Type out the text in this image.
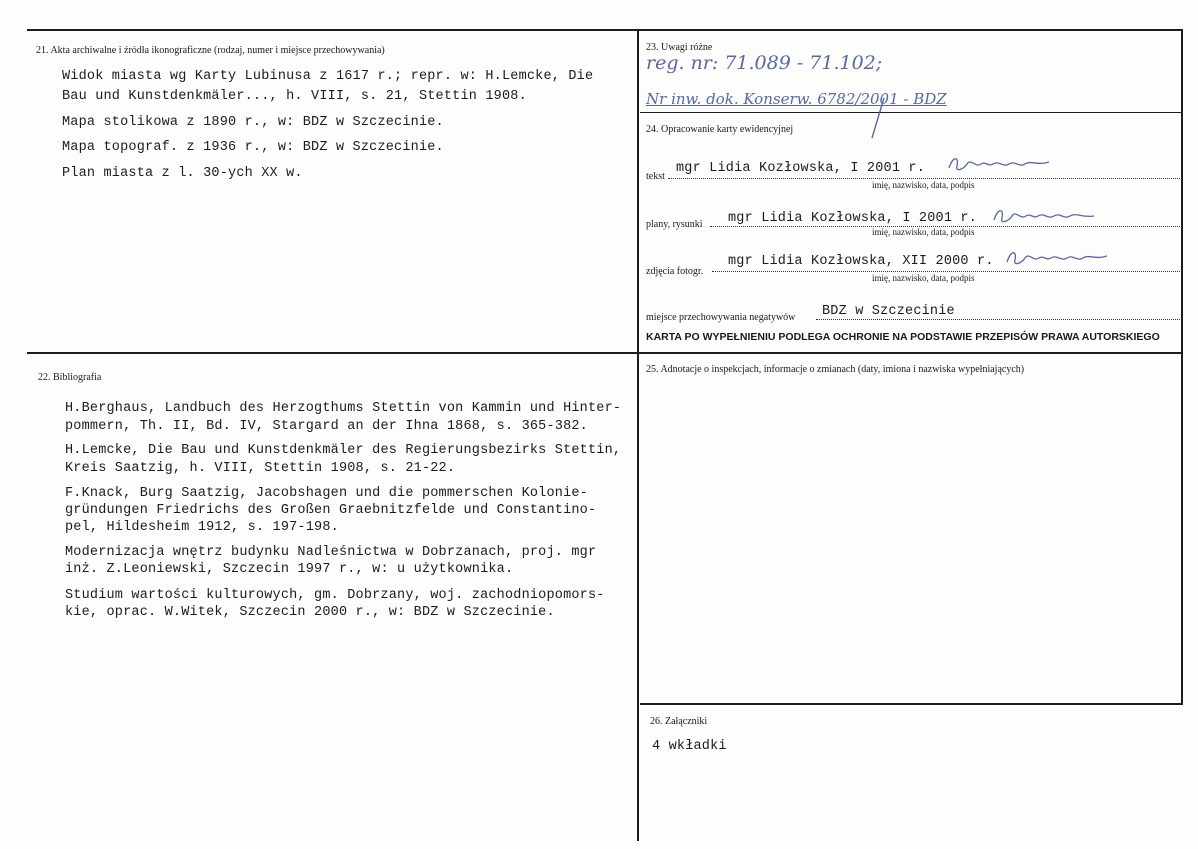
21. Akta archiwalne i źródła ikonograficzne (rodzaj, numer i miejsce przechowywania)
Widok miasta wg Karty Lubinusa z 1617 r.; repr. w: H.Lemcke, Die
Bau und Kunstdenkmäler..., h. VIII, s. 21, Stettin 1908.
Mapa stolikowa z 1890 r., w: BDZ w Szczecinie.
Mapa topograf. z 1936 r., w: BDZ w Szczecinie.
Plan miasta z l. 30-ych XX w.
22. Bibliografia
H.Berghaus, Landbuch des Herzogthums Stettin von Kammin und Hinter-
pommern, Th. II, Bd. IV, Stargard an der Ihna 1868, s. 365-382.
H.Lemcke, Die Bau und Kunstdenkmäler des Regierungsbezirks Stettin,
Kreis Saatzig, h. VIII, Stettin 1908, s. 21-22.
F.Knack, Burg Saatzig, Jacobshagen und die pommerschen Kolonie-
gründungen Friedrichs des Großen Graebnitzfelde und Constantino-
pel, Hildesheim 1912, s. 197-198.
Modernizacja wnętrz budynku Nadleśnictwa w Dobrzanach, proj. mgr
inż. Z.Leoniewski, Szczecin 1997 r., w: u użytkownika.
Studium wartości kulturowych, gm. Dobrzany, woj. zachodniopomors-
kie, oprac. W.Witek, Szczecin 2000 r., w: BDZ w Szczecinie.
23. Uwagi różne
reg. nr: 71.089 - 71.102;
Nr inw. dok. Konserw. 6782/2001 - BDZ
24. Opracowanie karty ewidencyjnej
tekst
mgr Lidia Kozłowska, I 2001 r.
imię, nazwisko, data, podpis
plany, rysunki mgr Lidia Kozłowska, I 2001 r.
imię, nazwisko, data, podpis
zdjęcia fotogr.
mgr Lidia Kozłowska, XII 2000 r.
imię, nazwisko, data, podpis
miejsce przechowywania negatywów BDZ w Szczecinie
KARTA PO WYPEŁNIENIU PODLEGA OCHRONIE NA PODSTAWIE PRZEPISÓW PRAWA AUTORSKIEGO
25. Adnotacje o inspekcjach, informacje o zmianach (daty, imiona i nazwiska wypełniających)
26. Załączniki
4 wkładki
